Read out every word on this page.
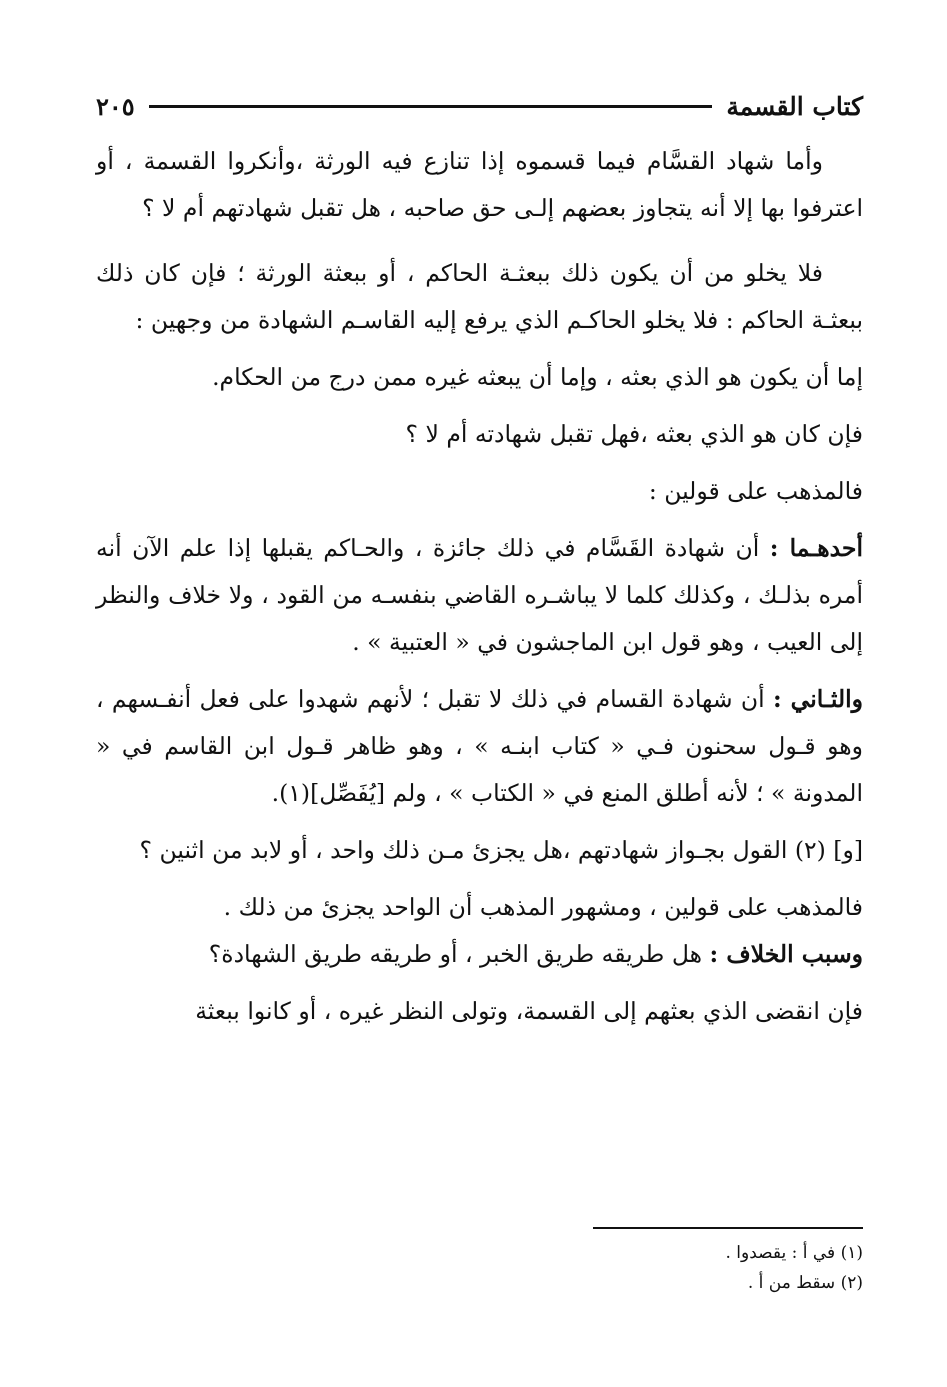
كتاب القسمة
٢٠٥

وأما شهاد القسَّام فيما قسموه إذا تنازع فيه الورثة ،وأنكروا القسمة ، أو اعترفوا بها إلا أنه يتجاوز بعضهم إلـى حق صاحبه ، هل تقبل شهادتهم أم لا ؟

فلا يخلو من أن يكون ذلك ببعثـة الحاكم ، أو ببعثة الورثة ؛ فإن كان ذلك ببعثـة الحاكم : فلا يخلو الحاكـم الذي يرفع إليه القاسـم الشهادة من وجهين :

إما أن يكون هو الذي بعثه ، وإما أن يبعثه غيره ممن درج من الحكام.

فإن كان هو الذي بعثه ،فهل تقبل شهادته أم لا ؟

فالمذهب على قولين :

أحدهـما : أن شهادة القَسَّام في ذلك جائزة ، والحـاكم يقبلها إذا علم الآن أنه أمره بذلـك ، وكذلك كلما لا يباشـره القاضي بنفسـه من القود ، ولا خلاف والنظر إلى العيب ، وهو قول ابن الماجشون في « العتبية » .

والثـاني : أن شهادة القسام في ذلك لا تقبل ؛ لأنهم شهدوا على فعل أنفـسهم ، وهو قـول سحنون فـي « كتاب ابنـه » ، وهو ظاهر قـول ابن القاسم في « المدونة » ؛ لأنه أطلق المنع في « الكتاب » ، ولم [يُفَصِّل](١).

[و] (٢) القول بجـواز شهادتهم ،هل يجزئ مـن ذلك واحد ، أو لابد من اثنين ؟

فالمذهب على قولين ، ومشهور المذهب أن الواحد يجزئ من ذلك .

وسبب الخلاف : هل طريقه طريق الخبر ، أو طريقه طريق الشهادة؟

فإن انقضى الذي بعثهم إلى القسمة، وتولى النظر غيره ، أو كانوا ببعثة

(١) في أ : يقصدوا .

(٢) سقط من أ .
